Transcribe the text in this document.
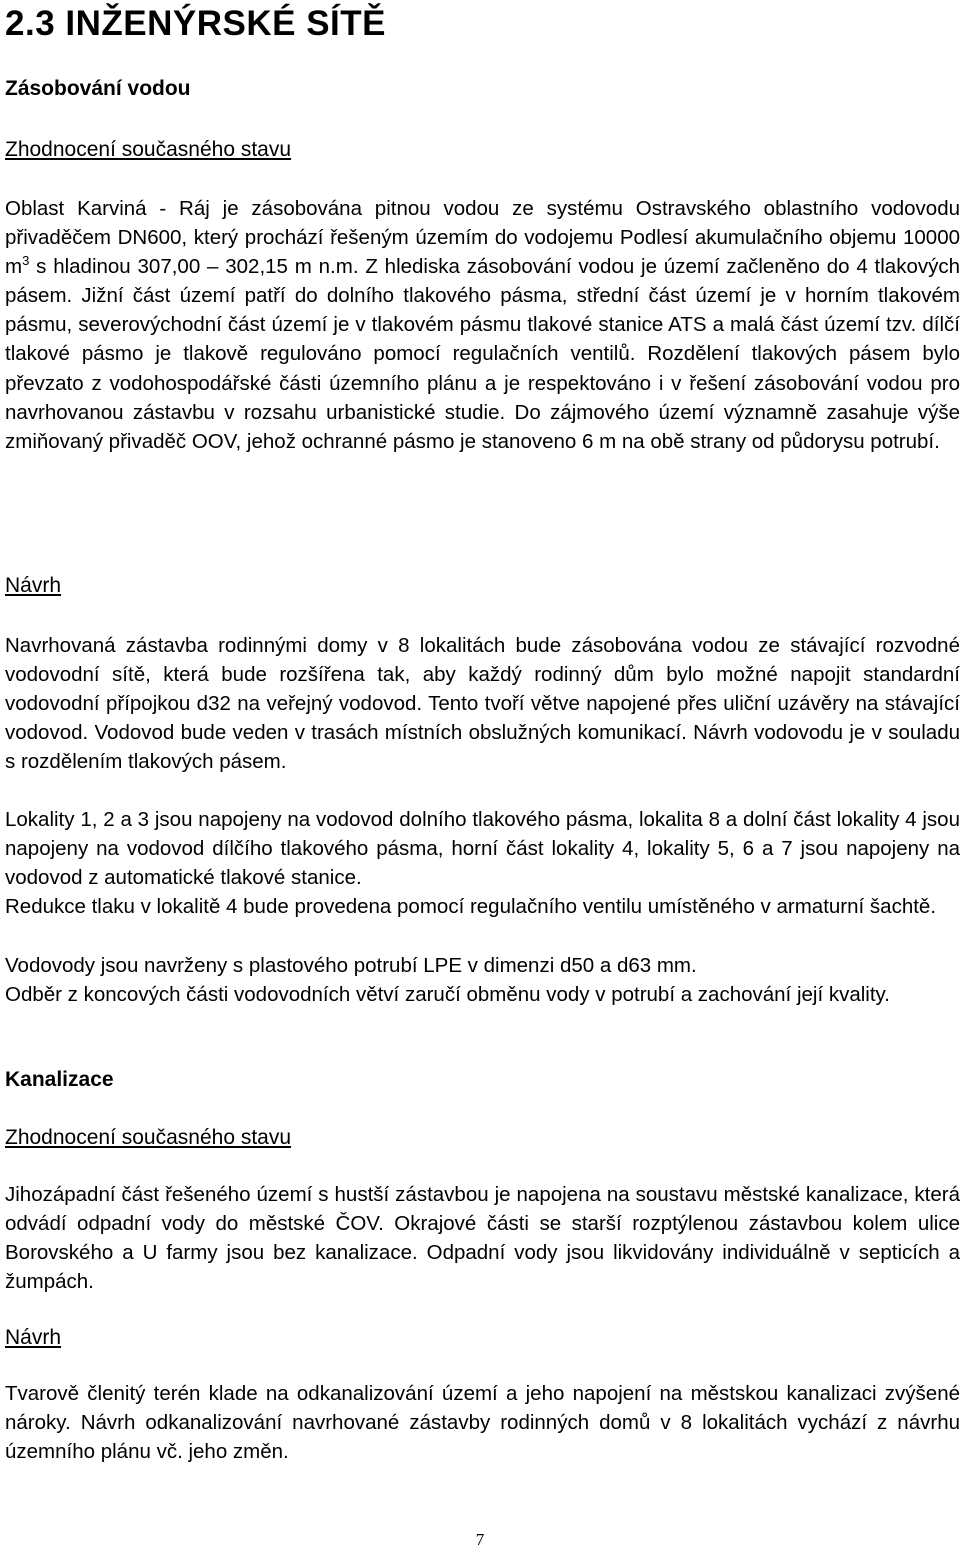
2.3 INŽENÝRSKÉ SÍTĚ
Zásobování vodou
Zhodnocení současného stavu
Oblast Karviná - Ráj je zásobována pitnou vodou ze systému Ostravského oblastního vodovodu přivaděčem DN600, který prochází řešeným územím do vodojemu Podlesí akumulačního objemu 10000 $m^3$ s hladinou 307,00 – 302,15 m n.m. Z hlediska zásobování vodou je území začleněno do 4 tlakových pásem. Jižní část území patří do dolního tlakového pásma, střední část území je v horním tlakovém pásmu, severovýchodní část území je v tlakovém pásmu tlakové stanice ATS a malá část území tzv. dílčí tlakové pásmo je tlakově regulováno pomocí regulačních ventilů. Rozdělení tlakových pásem bylo převzato z vodohospodářské části územního plánu a je respektováno i v řešení zásobování vodou pro navrhovanou zástavbu v rozsahu urbanistické studie. Do zájmového území významně zasahuje výše zmiňovaný přivaděč OOV, jehož ochranné pásmo je stanoveno 6 m na obě strany od půdorysu potrubí.
Návrh
Navrhovaná zástavba rodinnými domy v 8 lokalitách bude zásobována vodou ze stávající rozvodné vodovodní sítě, která bude rozšířena tak, aby každý rodinný dům bylo možné napojit standardní vodovodní přípojkou d32 na veřejný vodovod. Tento tvoří větve napojené přes uliční uzávěry na stávající vodovod. Vodovod bude veden v trasách místních obslužných komunikací. Návrh vodovodu je v souladu s rozdělením tlakových pásem.
Lokality 1, 2 a 3 jsou napojeny na vodovod dolního tlakového pásma, lokalita 8 a dolní část lokality 4 jsou napojeny na vodovod dílčího tlakového pásma, horní část lokality 4, lokality 5, 6 a 7 jsou napojeny na vodovod z automatické tlakové stanice.
Redukce tlaku v lokalitě 4 bude provedena pomocí regulačního ventilu umístěného v armaturní šachtě.
Vodovody jsou navrženy s plastového potrubí LPE v dimenzi d50 a d63 mm.
Odběr z koncových části vodovodních větví zaručí obměnu vody v potrubí a zachování její kvality.
Kanalizace
Zhodnocení současného stavu
Jihozápadní část řešeného území s hustší zástavbou je napojena na soustavu městské kanalizace, která odvádí odpadní vody do městské ČOV. Okrajové části se starší rozptýlenou zástavbou kolem ulice Borovského a U farmy jsou bez kanalizace. Odpadní vody jsou likvidovány individuálně v septicích a žumpách.
Návrh
Tvarově členitý terén klade na odkanalizování území a jeho napojení na městskou kanalizaci zvýšené nároky. Návrh odkanalizování navrhované zástavby rodinných domů v 8 lokalitách vychází z návrhu územního plánu vč. jeho změn.
7
